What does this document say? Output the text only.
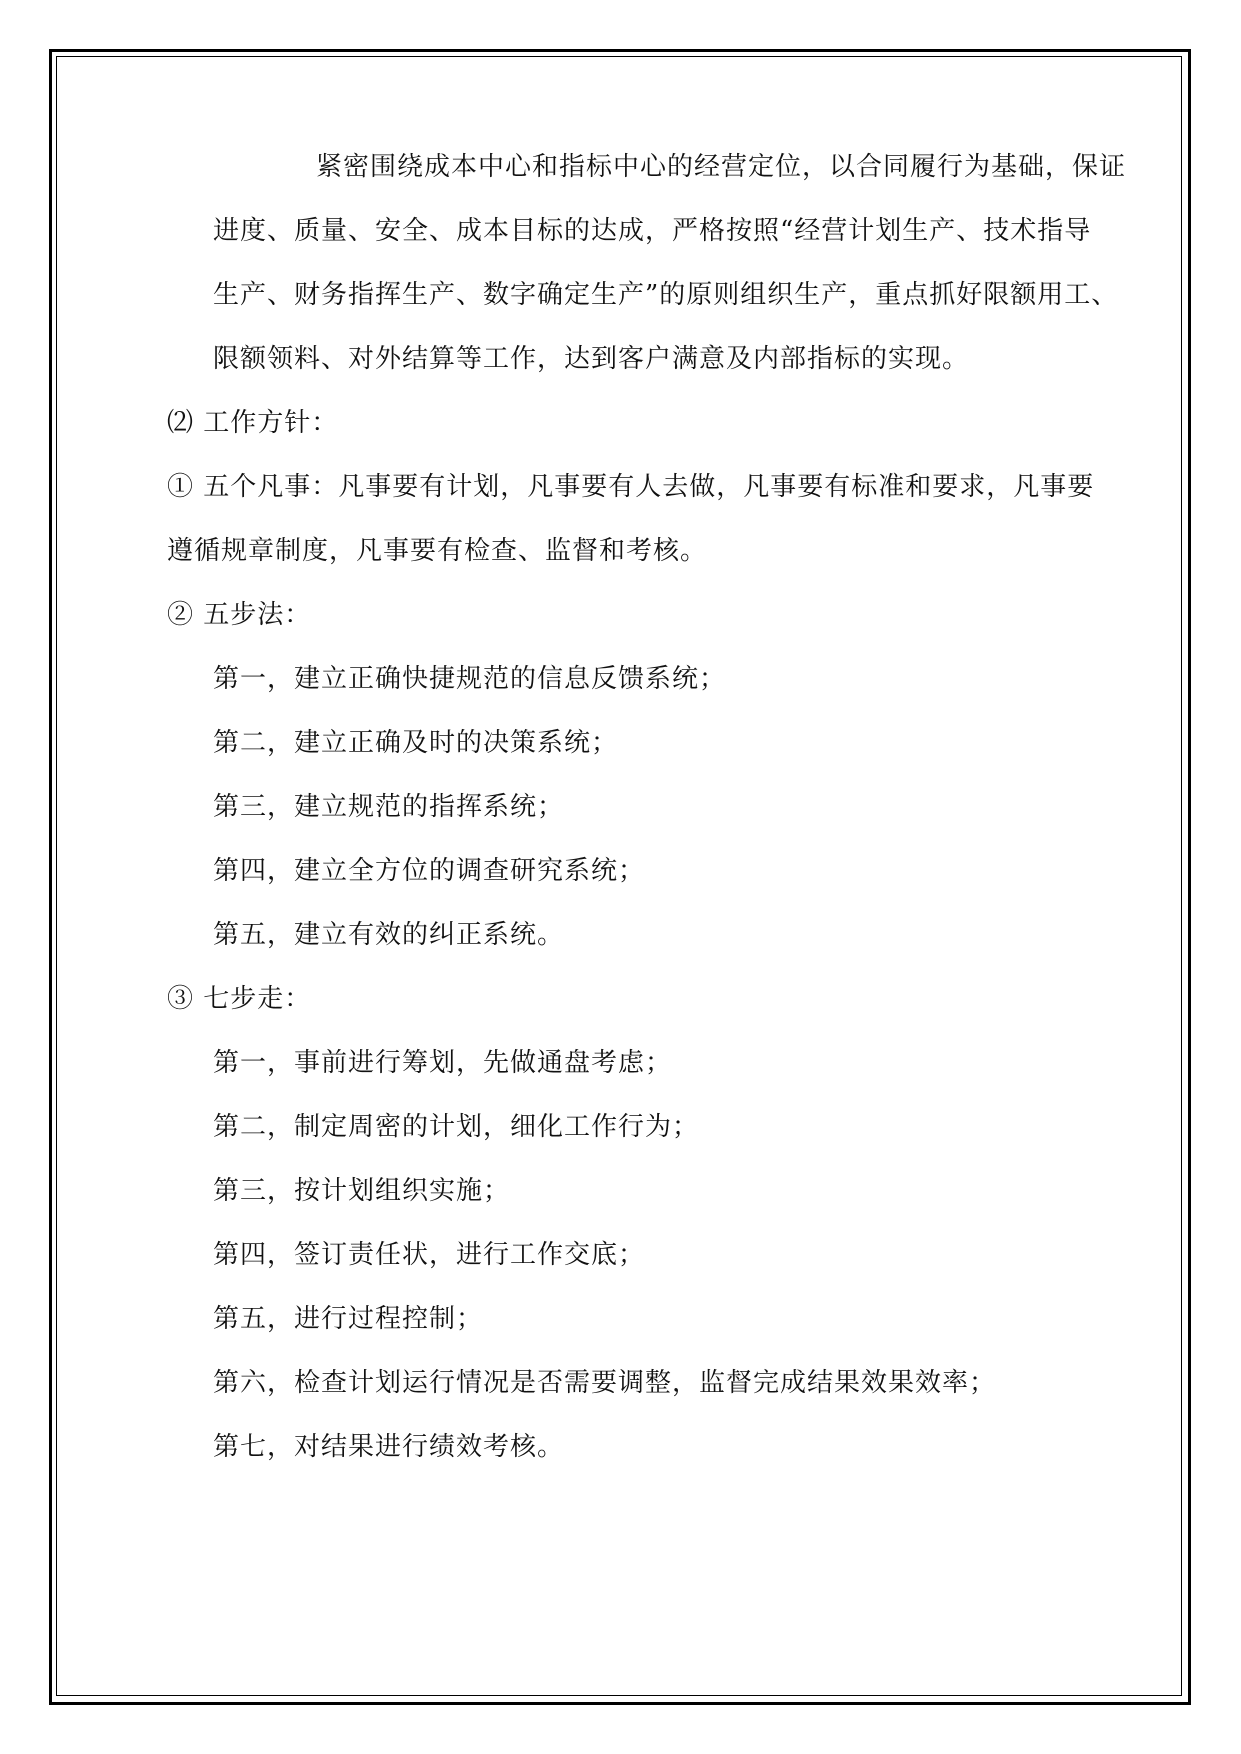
紧密围绕成本中心和指标中心的经营定位，以合同履行为基础，保证
进度、质量、安全、成本目标的达成，严格按照“经营计划生产、技术指导
生产、财务指挥生产、数字确定生产”的原则组织生产，重点抓好限额用工、
限额领料、对外结算等工作，达到客户满意及内部指标的实现。
⑵ 工作方针：
① 五个凡事：凡事要有计划，凡事要有人去做，凡事要有标准和要求，凡事要
遵循规章制度，凡事要有检查、监督和考核。
② 五步法：
第一，建立正确快捷规范的信息反馈系统；
第二，建立正确及时的决策系统；
第三，建立规范的指挥系统；
第四，建立全方位的调查研究系统；
第五，建立有效的纠正系统。
③ 七步走：
第一，事前进行筹划，先做通盘考虑；
第二，制定周密的计划，细化工作行为；
第三，按计划组织实施；
第四，签订责任状，进行工作交底；
第五，进行过程控制；
第六，检查计划运行情况是否需要调整，监督完成结果效果效率；
第七，对结果进行绩效考核。
